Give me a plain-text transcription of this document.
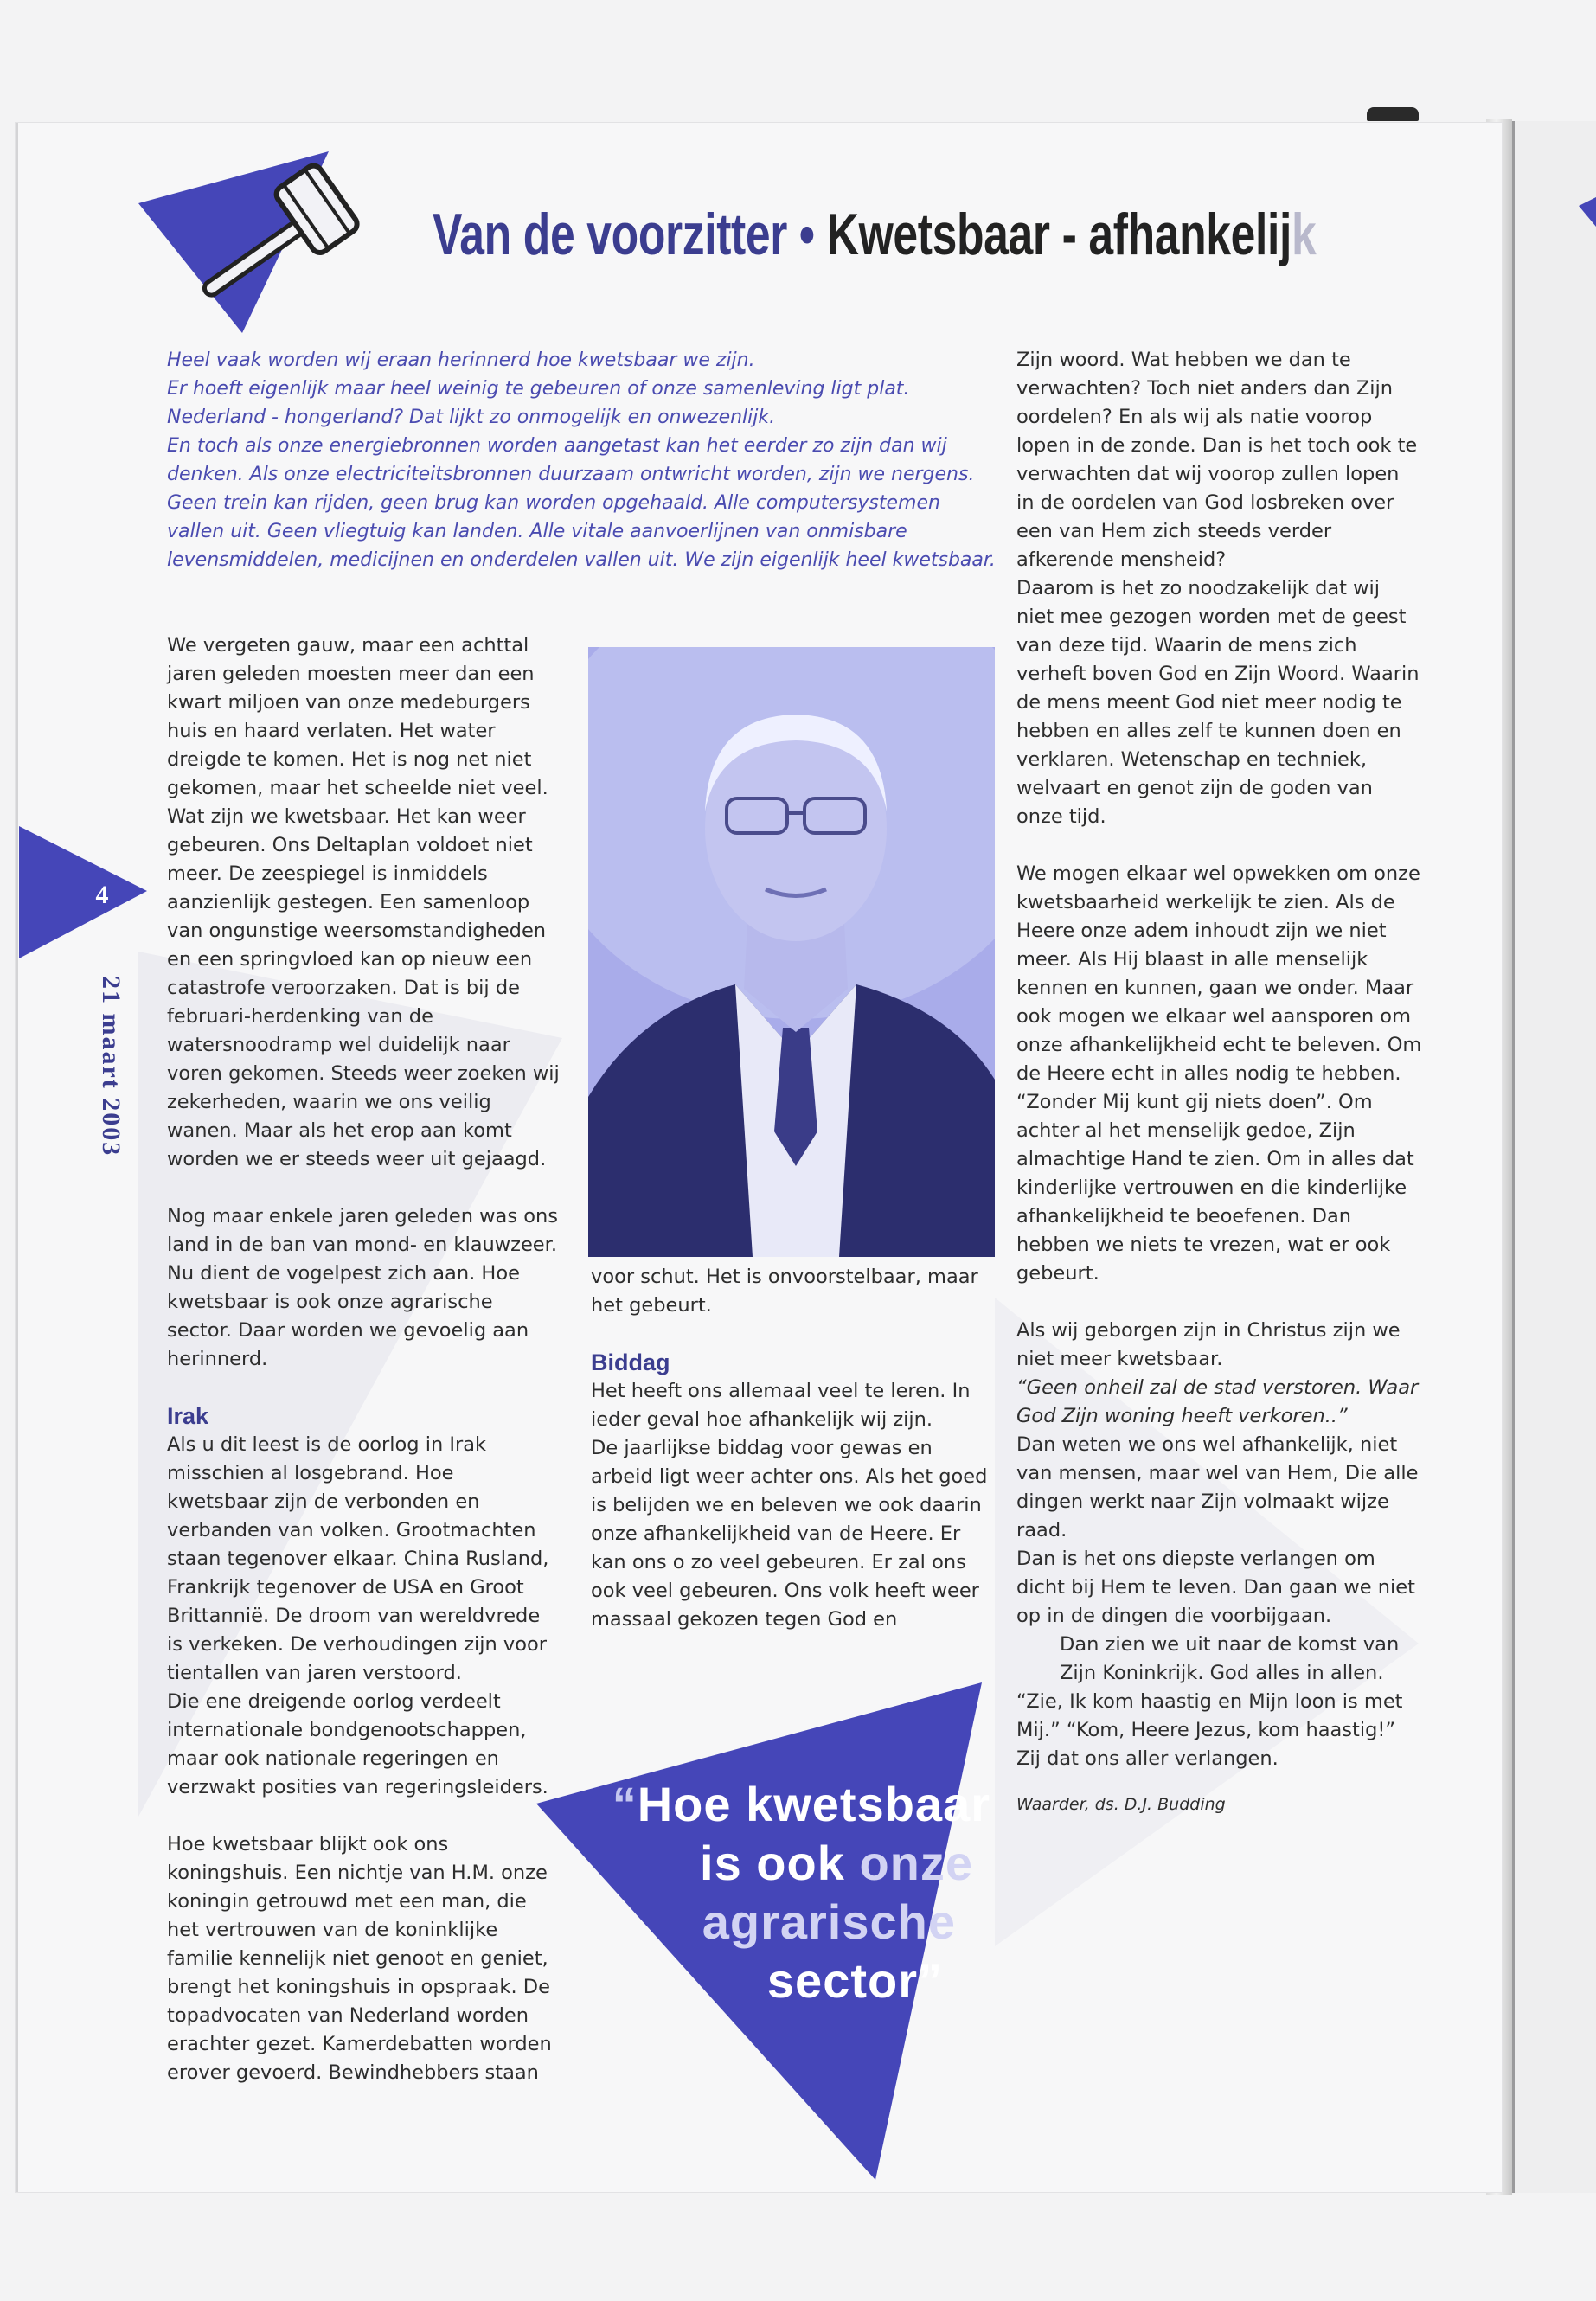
Van de voorzitter • Kwetsbaar - afhankelijk
4
21 maart 2003

Heel vaak worden wij eraan herinnerd hoe kwetsbaar we zijn.

Er hoeft eigenlijk maar heel weinig te gebeuren of onze samenleving ligt plat.

Nederland - hongerland? Dat lijkt zo onmogelijk en onwezenlijk.

En toch als onze energiebronnen worden aangetast kan het eerder zo zijn dan wij denken. Als onze electriciteitsbronnen duurzaam ontwricht worden, zijn we nergens. Geen trein kan rijden, geen brug kan worden opgehaald. Alle computersystemen vallen uit. Geen vliegtuig kan landen. Alle vitale aanvoerlijnen van onmisbare levensmiddelen, medicijnen en onderdelen vallen uit. We zijn eigenlijk heel kwetsbaar.

We vergeten gauw, maar een achttal jaren geleden moesten meer dan een kwart miljoen van onze medeburgers huis en haard verlaten. Het water dreigde te komen. Het is nog net niet gekomen, maar het scheelde niet veel. Wat zijn we kwetsbaar. Het kan weer gebeuren. Ons Deltaplan voldoet niet meer. De zeespiegel is inmiddels aanzienlijk gestegen. Een samenloop van ongunstige weersomstandigheden en een springvloed kan op nieuw een catastrofe veroorzaken. Dat is bij de februari-herdenking van de watersnoodramp wel duidelijk naar voren gekomen. Steeds weer zoeken wij zekerheden, waarin we ons veilig wanen. Maar als het erop aan komt worden we er steeds weer uit gejaagd.

Nog maar enkele jaren geleden was ons land in de ban van mond- en klauwzeer. Nu dient de vogelpest zich aan. Hoe kwetsbaar is ook onze agrarische sector. Daar worden we gevoelig aan herinnerd.

Irak

Als u dit leest is de oorlog in Irak misschien al losgebrand. Hoe kwetsbaar zijn de verbonden en verbanden van volken. Grootmachten staan tegenover elkaar. China Rusland, Frankrijk tegenover de USA en Groot Brittannië. De droom van wereldvrede is verkeken. De verhoudingen zijn voor tientallen van jaren verstoord.

Die ene dreigende oorlog verdeelt internationale bondgenootschappen, maar ook nationale regeringen en verzwakt posities van regeringsleiders.

Hoe kwetsbaar blijkt ook ons koningshuis. Een nichtje van H.M. onze koningin getrouwd met een man, die het vertrouwen van de koninklijke familie kennelijk niet genoot en geniet, brengt het koningshuis in opspraak. De topadvocaten van Nederland worden erachter gezet. Kamerdebatten worden erover gevoerd. Bewindhebbers staan

voor schut. Het is onvoorstelbaar, maar het gebeurt.

Biddag

Het heeft ons allemaal veel te leren. In ieder geval hoe afhankelijk wij zijn.

De jaarlijkse biddag voor gewas en arbeid ligt weer achter ons. Als het goed is belijden we en beleven we ook daarin onze afhankelijkheid van de Heere. Er kan ons o zo veel gebeuren. Er zal ons ook veel gebeuren. Ons volk heeft weer massaal gekozen tegen God en

Zijn woord. Wat hebben we dan te verwachten? Toch niet anders dan Zijn oordelen? En als wij als natie voorop lopen in de zonde. Dan is het toch ook te verwachten dat wij voorop zullen lopen in de oordelen van God losbreken over een van Hem zich steeds verder afkerende mensheid?

Daarom is het zo noodzakelijk dat wij niet mee gezogen worden met de geest van deze tijd. Waarin de mens zich verheft boven God en Zijn Woord. Waarin de mens meent God niet meer nodig te hebben en alles zelf te kunnen doen en verklaren. Wetenschap en techniek, welvaart en genot zijn de goden van onze tijd.

We mogen elkaar wel opwekken om onze kwetsbaarheid werkelijk te zien. Als de Heere onze adem inhoudt zijn we niet meer. Als Hij blaast in alle menselijk kennen en kunnen, gaan we onder. Maar ook mogen we elkaar wel aansporen om onze afhankelijkheid echt te beleven. Om de Heere echt in alles nodig te hebben. “Zonder Mij kunt gij niets doen”. Om achter al het menselijk gedoe, Zijn almachtige Hand te zien. Om in alles dat kinderlijke vertrouwen en die kinderlijke afhankelijkheid te beoefenen. Dan hebben we niets te vrezen, wat er ook gebeurt.

Als wij geborgen zijn in Christus zijn we niet meer kwetsbaar.

“Geen onheil zal de stad verstoren. Waar God Zijn woning heeft verkoren..”

Dan weten we ons wel afhankelijk, niet van mensen, maar wel van Hem, Die alle dingen werkt naar Zijn volmaakt wijze raad.

Dan is het ons diepste verlangen om dicht bij Hem te leven. Dan gaan we niet op in de dingen die voorbijgaan.

Dan zien we uit naar de komst van Zijn Koninkrijk. God alles in allen.

“Zie, Ik kom haastig en Mijn loon is met Mij.” “Kom, Heere Jezus, kom haastig!”

Zij dat ons aller verlangen.

Waarder, ds. D.J. Budding

“Hoe kwetsbaar
is ook onze
agrarische
sector”
